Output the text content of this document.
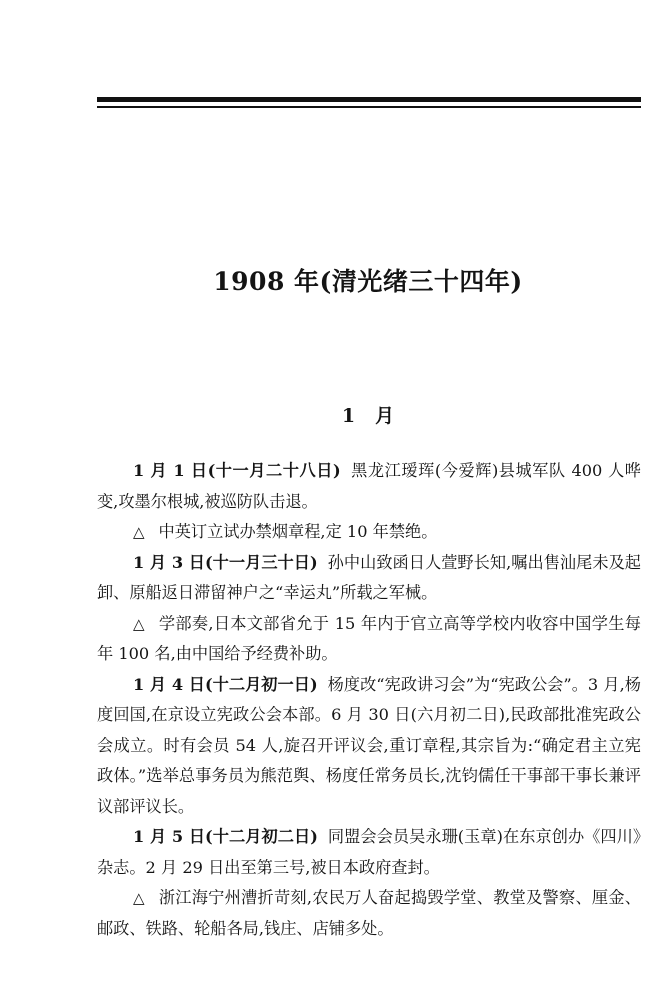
1908 年(清光绪三十四年)
1 月

1 月 1 日(十一月二十八日) 黑龙江瑷珲(今爱辉)县城军队 400 人哗变,攻墨尔根城,被巡防队击退。

△ 中英订立试办禁烟章程,定 10 年禁绝。

1 月 3 日(十一月三十日) 孙中山致函日人萱野长知,嘱出售汕尾未及起卸、原船返日滞留神户之“幸运丸”所载之军械。

△ 学部奏,日本文部省允于 15 年内于官立高等学校内收容中国学生每年 100 名,由中国给予经费补助。

1 月 4 日(十二月初一日) 杨度改“宪政讲习会”为“宪政公会”。3 月,杨度回国,在京设立宪政公会本部。6 月 30 日(六月初二日),民政部批准宪政公会成立。时有会员 54 人,旋召开评议会,重订章程,其宗旨为:“确定君主立宪政体。”选举总事务员为熊范舆、杨度任常务员长,沈钧儒任干事部干事长兼评议部评议长。

1 月 5 日(十二月初二日) 同盟会会员吴永珊(玉章)在东京创办《四川》杂志。2 月 29 日出至第三号,被日本政府查封。

△ 浙江海宁州漕折苛刻,农民万人奋起捣毁学堂、教堂及警察、厘金、邮政、铁路、轮船各局,钱庄、店铺多处。
